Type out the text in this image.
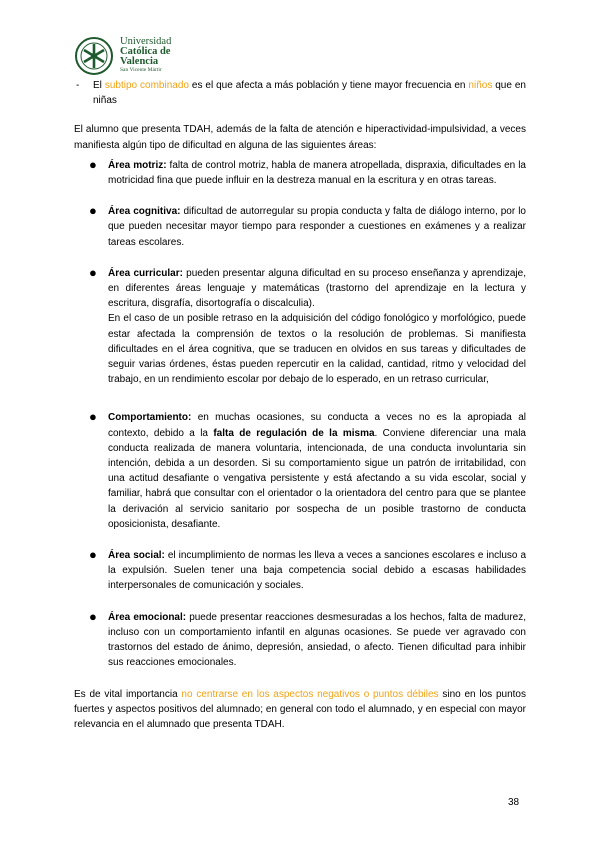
Universidad
Católica de
Valencia
San Vicente Mártir

- El subtipo combinado es el que afecta a más población y tiene mayor frecuencia en niños que en niñas

El alumno que presenta TDAH, además de la falta de atención e hiperactividad-impulsividad, a veces manifiesta algún tipo de dificultad en alguna de las siguientes áreas:

● Área motriz: falta de control motriz, habla de manera atropellada, dispraxia, dificultades en la motricidad fina que puede influir en la destreza manual en la escritura y en otras tareas.
● Área cognitiva: dificultad de autorregular su propia conducta y falta de diálogo interno, por lo que pueden necesitar mayor tiempo para responder a cuestiones en exámenes y a realizar tareas escolares.
● Área curricular: pueden presentar alguna dificultad en su proceso enseñanza y aprendizaje, en diferentes áreas lenguaje y matemáticas (trastorno del aprendizaje en la lectura y escritura, disgrafía, disortografía o discalculia).
En el caso de un posible retraso en la adquisición del código fonológico y morfológico, puede estar afectada la comprensión de textos o la resolución de problemas. Si manifiesta dificultades en el área cognitiva, que se traducen en olvidos en sus tareas y dificultades de seguir varias órdenes, éstas pueden repercutir en la calidad, cantidad, ritmo y velocidad del trabajo, en un rendimiento escolar por debajo de lo esperado, en un retraso curricular,
● Comportamiento: en muchas ocasiones, su conducta a veces no es la apropiada al contexto, debido a la falta de regulación de la misma. Conviene diferenciar una mala conducta realizada de manera voluntaria, intencionada, de una conducta involuntaria sin intención, debida a un desorden. Si su comportamiento sigue un patrón de irritabilidad, con una actitud desafiante o vengativa persistente y está afectando a su vida escolar, social y familiar, habrá que consultar con el orientador o la orientadora del centro para que se plantee la derivación al servicio sanitario por sospecha de un posible trastorno de conducta oposicionista, desafiante.
● Área social: el incumplimiento de normas les lleva a veces a sanciones escolares e incluso a la expulsión. Suelen tener una baja competencia social debido a escasas habilidades interpersonales de comunicación y sociales.
● Área emocional: puede presentar reacciones desmesuradas a los hechos, falta de madurez, incluso con un comportamiento infantil en algunas ocasiones. Se puede ver agravado con trastornos del estado de ánimo, depresión, ansiedad, o afecto. Tienen dificultad para inhibir sus reacciones emocionales.

Es de vital importancia no centrarse en los aspectos negativos o puntos débiles sino en los puntos fuertes y aspectos positivos del alumnado; en general con todo el alumnado, y en especial con mayor relevancia en el alumnado que presenta TDAH.

38
